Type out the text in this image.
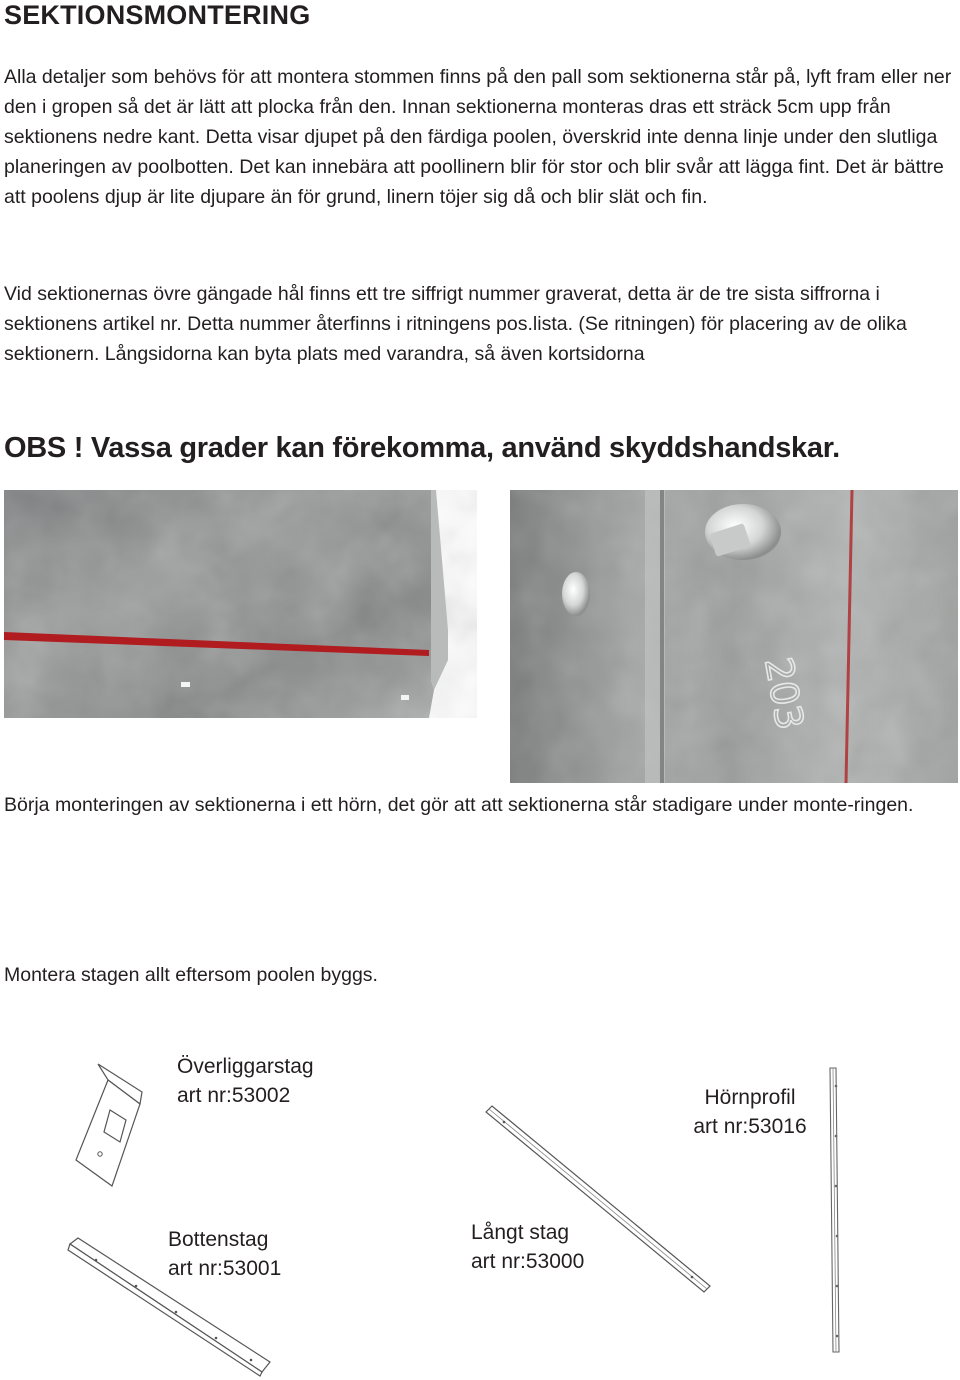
SEKTIONSMONTERING

Alla detaljer som behövs för att montera stommen finns på den pall som sektionerna står på, lyft fram eller ner den i gropen så det är lätt att plocka från den. Innan sektionerna monteras dras ett sträck 5cm upp från sektionens nedre kant. Detta visar djupet på den färdiga poolen, överskrid inte denna linje under den slutliga planeringen av poolbotten. Det kan innebära att poollinern blir för stor och blir svår att lägga fint. Det är bättre att poolens djup är lite djupare än för grund, linern töjer sig då och blir slät och fin.

Vid sektionernas övre gängade hål finns ett tre siffrigt nummer graverat, detta är de tre sista siffrorna i sektionens artikel nr. Detta nummer återfinns i ritningens pos.lista. (Se ritningen) för placering av de olika sektionern. Långsidorna kan byta plats med varandra, så även kortsidorna

OBS ! Vassa grader kan förekomma, använd skyddshandskar.

203

Börja monteringen av sektionerna i ett hörn, det gör att att sektionerna står stadigare under monte-ringen.

Montera stagen allt eftersom poolen byggs.

Överliggarstag
art nr:53002	Hörnprofil
art nr:53016
Bottenstag
art nr:53001
Långt stag
art nr:53000
